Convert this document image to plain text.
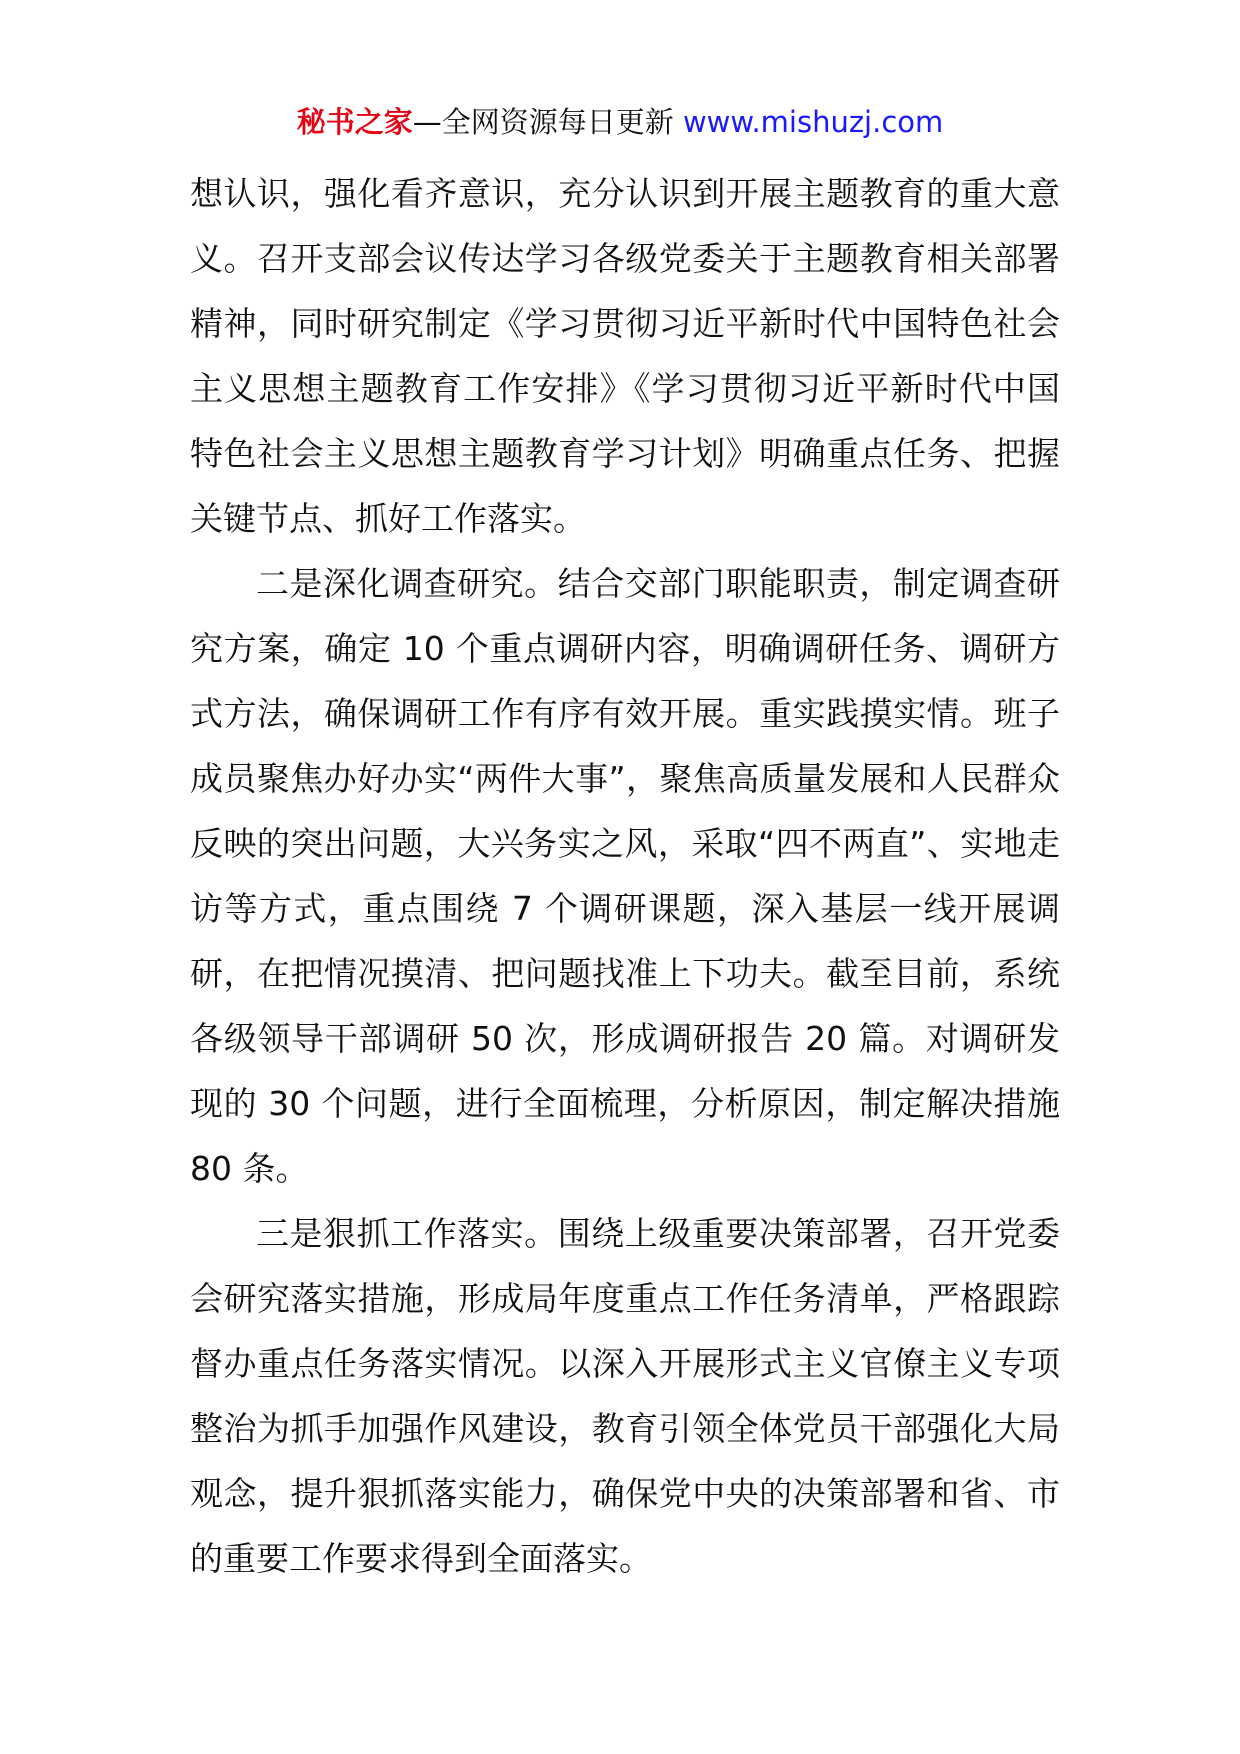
秘书之家—全网资源每日更新 www.mishuzj.com

想认识，强化看齐意识，充分认识到开展主题教育的重大意义。召开支部会议传达学习各级党委关于主题教育相关部署精神，同时研究制定《学习贯彻习近平新时代中国特色社会主义思想主题教育工作安排》《学习贯彻习近平新时代中国特色社会主义思想主题教育学习计划》明确重点任务、把握关键节点、抓好工作落实。

二是深化调查研究。结合交部门职能职责，制定调查研究方案，确定 10 个重点调研内容，明确调研任务、调研方式方法，确保调研工作有序有效开展。重实践摸实情。班子成员聚焦办好办实“两件大事”，聚焦高质量发展和人民群众反映的突出问题，大兴务实之风，采取“四不两直”、实地走访等方式，重点围绕 7 个调研课题，深入基层一线开展调研，在把情况摸清、把问题找准上下功夫。截至目前，系统各级领导干部调研 50 次，形成调研报告 20 篇。对调研发现的 30 个问题，进行全面梳理，分析原因，制定解决措施 80 条。

三是狠抓工作落实。围绕上级重要决策部署，召开党委会研究落实措施，形成局年度重点工作任务清单，严格跟踪督办重点任务落实情况。以深入开展形式主义官僚主义专项整治为抓手加强作风建设，教育引领全体党员干部强化大局观念，提升狠抓落实能力，确保党中央的决策部署和省、市的重要工作要求得到全面落实。
